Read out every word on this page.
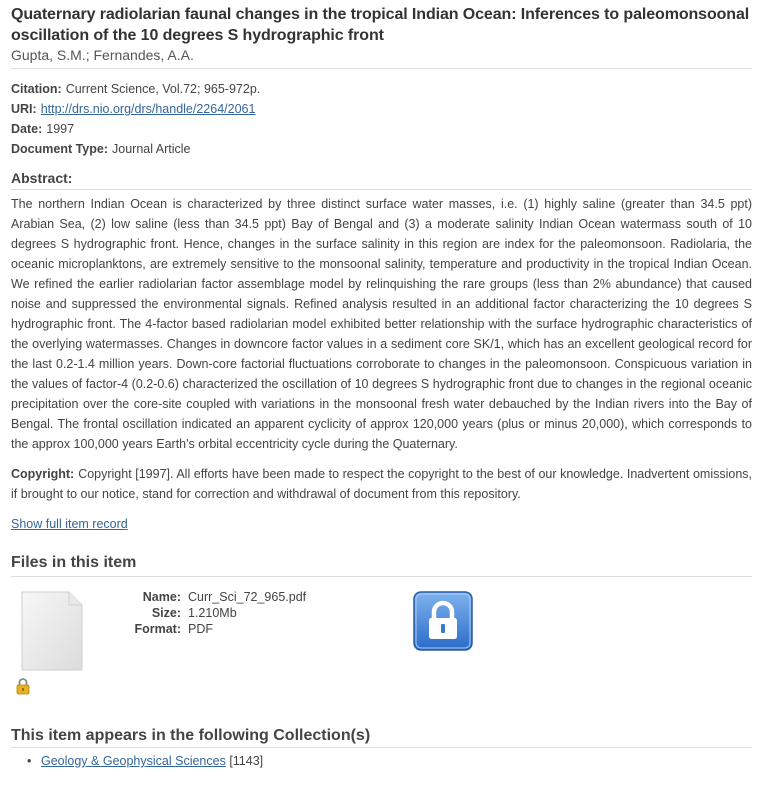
Quaternary radiolarian faunal changes in the tropical Indian Ocean: Inferences to paleomonsoonal oscillation of the 10 degrees S hydrographic front
Gupta, S.M.; Fernandes, A.A.
Citation: Current Science, Vol.72; 965-972p.
URI: http://drs.nio.org/drs/handle/2264/2061
Date: 1997
Document Type: Journal Article
Abstract:
The northern Indian Ocean is characterized by three distinct surface water masses, i.e. (1) highly saline (greater than 34.5 ppt) Arabian Sea, (2) low saline (less than 34.5 ppt) Bay of Bengal and (3) a moderate salinity Indian Ocean watermass south of 10 degrees S hydrographic front. Hence, changes in the surface salinity in this region are index for the paleomonsoon. Radiolaria, the oceanic microplanktons, are extremely sensitive to the monsoonal salinity, temperature and productivity in the tropical Indian Ocean. We refined the earlier radiolarian factor assemblage model by relinquishing the rare groups (less than 2% abundance) that caused noise and suppressed the environmental signals. Refined analysis resulted in an additional factor characterizing the 10 degrees S hydrographic front. The 4-factor based radiolarian model exhibited better relationship with the surface hydrographic characteristics of the overlying watermasses. Changes in downcore factor values in a sediment core SK/1, which has an excellent geological record for the last 0.2-1.4 million years. Down-core factorial fluctuations corroborate to changes in the paleomonsoon. Conspicuous variation in the values of factor-4 (0.2-0.6) characterized the oscillation of 10 degrees S hydrographic front due to changes in the regional oceanic precipitation over the core-site coupled with variations in the monsoonal fresh water debauched by the Indian rivers into the Bay of Bengal. The frontal oscillation indicated an apparent cyclicity of approx 120,000 years (plus or minus 20,000), which corresponds to the approx 100,000 years Earth's orbital eccentricity cycle during the Quaternary.
Copyright: Copyright [1997]. All efforts have been made to respect the copyright to the best of our knowledge. Inadvertent omissions, if brought to our notice, stand for correction and withdrawal of document from this repository.
Show full item record
Files in this item
Name: Curr_Sci_72_965.pdf
Size: 1.210Mb
Format: PDF
This item appears in the following Collection(s)
• Geology & Geophysical Sciences [1143]
